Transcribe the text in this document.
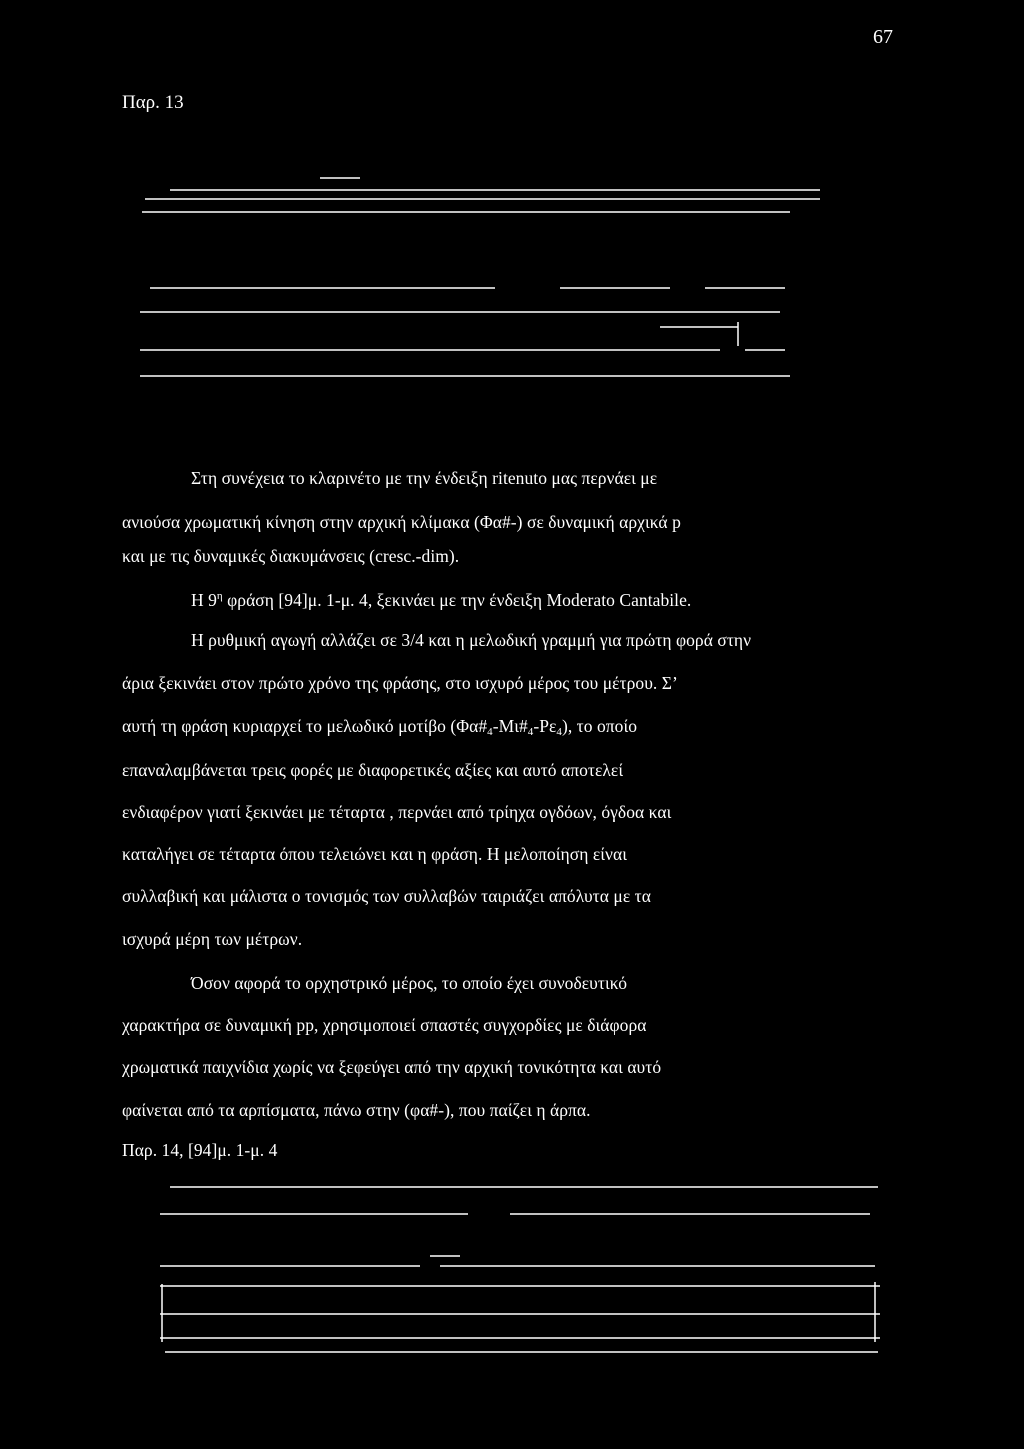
67
Παρ. 13
Στη συνέχεια το κλαρινέτο με την ένδειξη ritenuto μας περνάει με
ανιούσα χρωματική κίνηση στην αρχική κλίμακα (Φα#-) σε δυναμική αρχικά p
και με τις δυναμικές διακυμάνσεις (cresc.-dim).
Η $9^\eta$ φράση [94]μ. 1-μ. 4, ξεκινάει με την ένδειξη Moderato Cantabile.
Η ρυθμική αγωγή αλλάζει σε 3/4 και η μελωδική γραμμή για πρώτη φορά στην
άρια ξεκινάει στον πρώτο χρόνο της φράσης, στο ισχυρό μέρος του μέτρου. Σ’
αυτή τη φράση κυριαρχεί το μελωδικό μοτίβο $(\Phi\alpha\#_4-M\iota\#_4-P\varepsilon_4)$, το οποίο
επαναλαμβάνεται τρεις φορές με διαφορετικές αξίες και αυτό αποτελεί
ενδιαφέρον γιατί ξεκινάει με τέταρτα , περνάει από τρίηχα ογδόων, όγδοα και
καταλήγει σε τέταρτα όπου τελειώνει και η φράση. Η μελοποίηση είναι
συλλαβική και μάλιστα ο τονισμός των συλλαβών ταιριάζει απόλυτα με τα
ισχυρά μέρη των μέτρων.
Όσον αφορά το ορχηστρικό μέρος, το οποίο έχει συνοδευτικό
χαρακτήρα σε δυναμική pp, χρησιμοποιεί σπαστές συγχορδίες με διάφορα
χρωματικά παιχνίδια χωρίς να ξεφεύγει από την αρχική τονικότητα και αυτό
φαίνεται από τα αρπίσματα, πάνω στην (φα#-), που παίζει η άρπα.
Παρ. 14, [94]μ. 1-μ. 4
